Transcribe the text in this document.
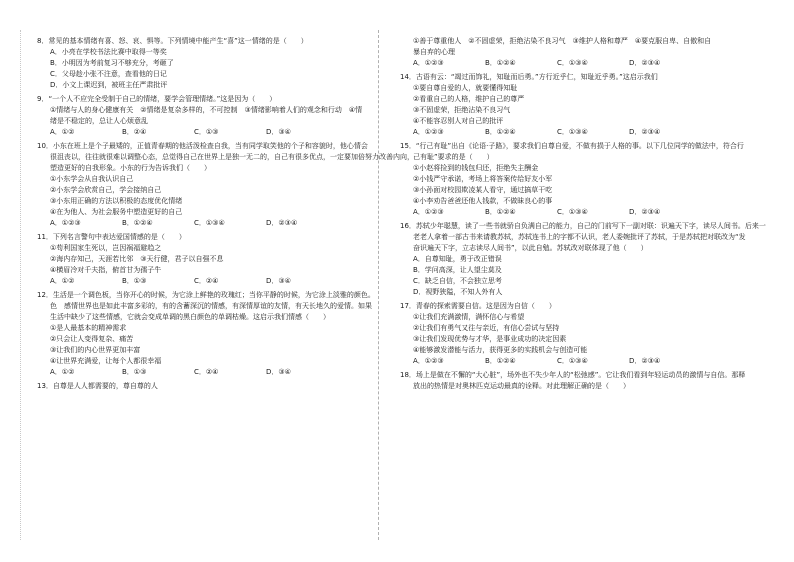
8．常见的基本情绪有喜、怒、哀、惧等。下列情境中能产生“喜”这一情绪的是（　　）
A．小亮在学校书法比赛中取得一等奖
B．小明因为考前复习不够充分，考砸了
C．父母趁小张不注意，查看他的日记
D．小文上课迟到，被班主任严肃批评
9．“一个人不应完全受制于自己的情绪，要学会管理情绪。”这是因为（　　）
①情绪与人的身心健康有关　②情绪是复杂多样的，不可控制　③情绪影响着人们的观念和行动　④情
绪是不稳定的，总让人心烦意乱
A．①②	B．②④	C．①③	D．③④
10．小东在班上是个子最矮的，正值青春期的他活泼检查自我，当有同学取笑他的个子和容貌时，他心情会
很沮丧以，往往就很难以调整心态，总觉得自己在世界上是独一无二的，自己有很多优点，一定要加倍努力改善内向，
塑造更好的自我形象。小东的行为告诉我们（　　）
①小东学会从自我认识自己
②小东学会欣赏自己，学会接纳自己
③小东用正确的方法以积极的态度优化情绪
④在为他人、为社会服务中塑造更好的自己
A．①②③	B．①②④	C．①③④	D．②③④
11．下列名言警句中表达爱国情感的是（　　）
①苟利国家生死以，岂因祸福避趋之
②海内存知己，天涯若比邻　③天行健，君子以自强不息
④横眉冷对千夫指，俯首甘为孺子牛
A．①②	B．①③	C．②④	D．③④
12．生活是一个调色板，当你开心的时候，为它涂上鲜艳的玫瑰红；当你平静的时候，为它涂上淡雅的颜色。
色　感情世界也是如此丰富多彩的，有的含蓄深沉的情感，有深情厚谊的友情，有天长地久的爱情。如果
生活中缺少了这些情感，它就会变成单调的黑白颜色的单调枯燥。这启示我们情感（　　）
①是人最基本的精神需求
②只会让人变得复杂、痛苦
③让我们的内心世界更加丰富
④让世界充满爱，让每个人都很幸福
A．①②	B．①③	C．②④	D．③④
13．自尊是人人都需要的，尊自尊的人
①善于尊重他人　②不固虚荣，拒绝沾染不良习气　③维护人格和尊严　④要克服自卑、自傲和自
暴自弃的心理
A．①②③	B．①②④	C．①③④	D．②③④
14．古语有云：“竭过而饰礼，知耻而后勇。”方行近乎仁，知耻近乎勇。”这启示我们
①要自尊自爱的人，就要懂得知耻
②看重自己的人格，维护自己的尊严
③不固虚荣，拒绝沾染不良习气
④不能容忍别人对自己的批评
A．①②③	B．①②④	C．①③④	D．②③④
15．“行己有耻”出自《论语·子路》，要求我们自尊自爱，不做有损于人格的事。以下几位同学的做法中，符合行
己有耻”要求的是（　　）
①小赵将捡到的钱包归还，拒绝失主酬金
②小钱严守承诺，考场上将答案传给好友小军
③小孙面对校园欺凌某人看守，通过搞草干吃
④小李劝告爸爸还他人钱款，不做昧良心的事
A．①②③	B．①②④	C．①③④	D．②③④
16．苏轼少年聪慧，读了一些书就骄自负满自己的能力，自己的门前写下一副对联：识遍天下字，读尽人间书。后来一
老老人拿着一部古书来请教苏轼，苏轼连书上的字都不认识，老人委婉批评了苏轼，于是苏轼把对联改为“发
奋识遍天下字，立志读尽人间书”，以此自勉。苏轼改对联体现了他（　　）
A．自尊知耻，勇于改正错误
B．学问高深，让人望尘莫及
C．缺乏自信，不会独立思考
D．视野狭隘，不知人外有人
17．青春的探索需要自信。这是因为自信（　　）
①让我们充满激情，满怀信心与希望
②让我们有勇气又往与亲近，有信心尝试与坚持
③让我们发现优势与才华，是事业成功的决定因素
④能够激发潜能与活力，获得更多的实践机会与创造可能
A．①②③	B．①②④	C．①③④	D．②③④
18．场上是做在不懈的“大心脏”，场外也不失少年人的“松弛感”。它让我们看到年轻运动员的激情与自信。那释
放出的热情是对奥林匹克运动最真的诠释。对此理解正确的是（　　）
